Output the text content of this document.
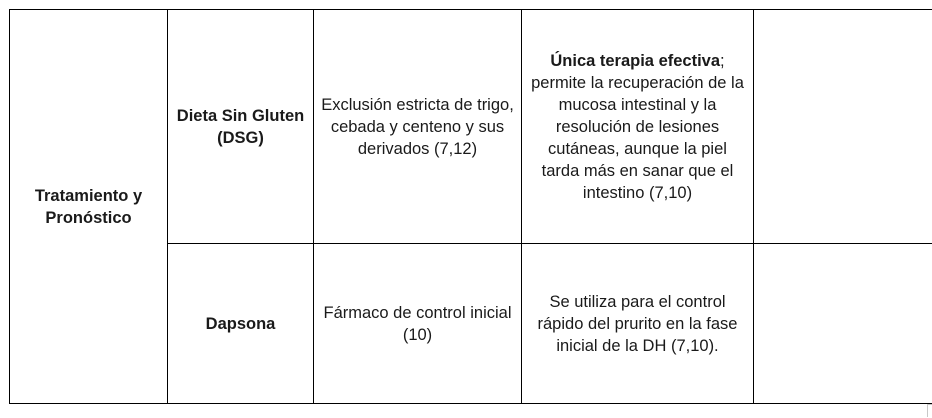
Tratamiento y Pronóstico	Dieta Sin Gluten (DSG)	Exclusión estricta de trigo, cebada y centeno y sus derivados (7,12)	Única terapia efectiva; permite la recuperación de la mucosa intestinal y la resolución de lesiones cutáneas, aunque la piel tarda más en sanar que el intestino (7,10)	
	Dapsona	Fármaco de control inicial (10)	Se utiliza para el control rápido del prurito en la fase inicial de la DH (7,10).	
